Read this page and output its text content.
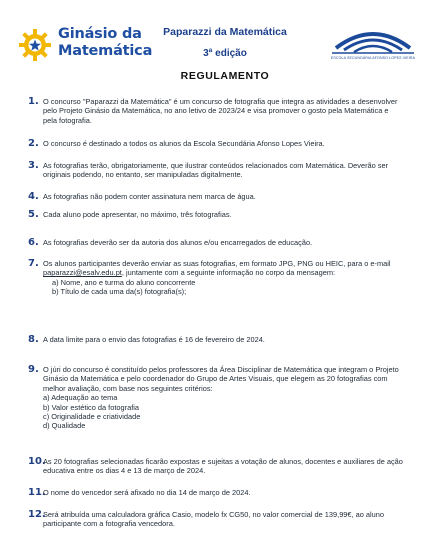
Ginásio da
Matemática
Paparazzi da Matemática
3ª edição
REGULAMENTO
ESCOLA SECUNDÁRIA AFONSO LOPES VIEIRA
1. O concurso "Paparazzi da Matemática" é um concurso de fotografia que integra as atividades a desenvolver pelo Projeto Ginásio da Matemática, no ano letivo de 2023/24 e visa promover o gosto pela Matemática e pela fotografia.
2. O concurso é destinado a todos os alunos da Escola Secundária Afonso Lopes Vieira.
3. As fotografias terão, obrigatoriamente, que ilustrar conteúdos relacionados com Matemática. Deverão ser originais podendo, no entanto, ser manipuladas digitalmente.
4. As fotografias não podem conter assinatura nem marca de água.
5. Cada aluno pode apresentar, no máximo, três fotografias.
6. As fotografias deverão ser da autoria dos alunos e/ou encarregados de educação.
7. Os alunos participantes deverão enviar as suas fotografias, em formato JPG, PNG ou HEIC, para o e-mail paparazzi@esalv.edu.pt, juntamente com a seguinte informação no corpo da mensagem:
a) Nome, ano e turma do aluno concorrente
b) Título de cada uma da(s) fotografia(s);
8. A data limite para o envio das fotografias é 16 de fevereiro de 2024.
9. O júri do concurso é constituído pelos professores da Área Disciplinar de Matemática que integram o Projeto Ginásio da Matemática e pelo coordenador do Grupo de Artes Visuais, que elegem as 20 fotografias com melhor avaliação, com base nos seguintes critérios:
a) Adequação ao tema
b) Valor estético da fotografia
c) Originalidade e criatividade
d) Qualidade
10.
As 20 fotografias selecionadas ficarão expostas e sujeitas a votação de alunos, docentes e auxiliares de ação educativa entre os dias 4 e 13 de março de 2024.
11.
O nome do vencedor será afixado no dia 14 de março de 2024.
12.
Será atribuída uma calculadora gráfica Casio, modelo fx CG50, no valor comercial de 139,99€, ao aluno participante com a fotografia vencedora.
